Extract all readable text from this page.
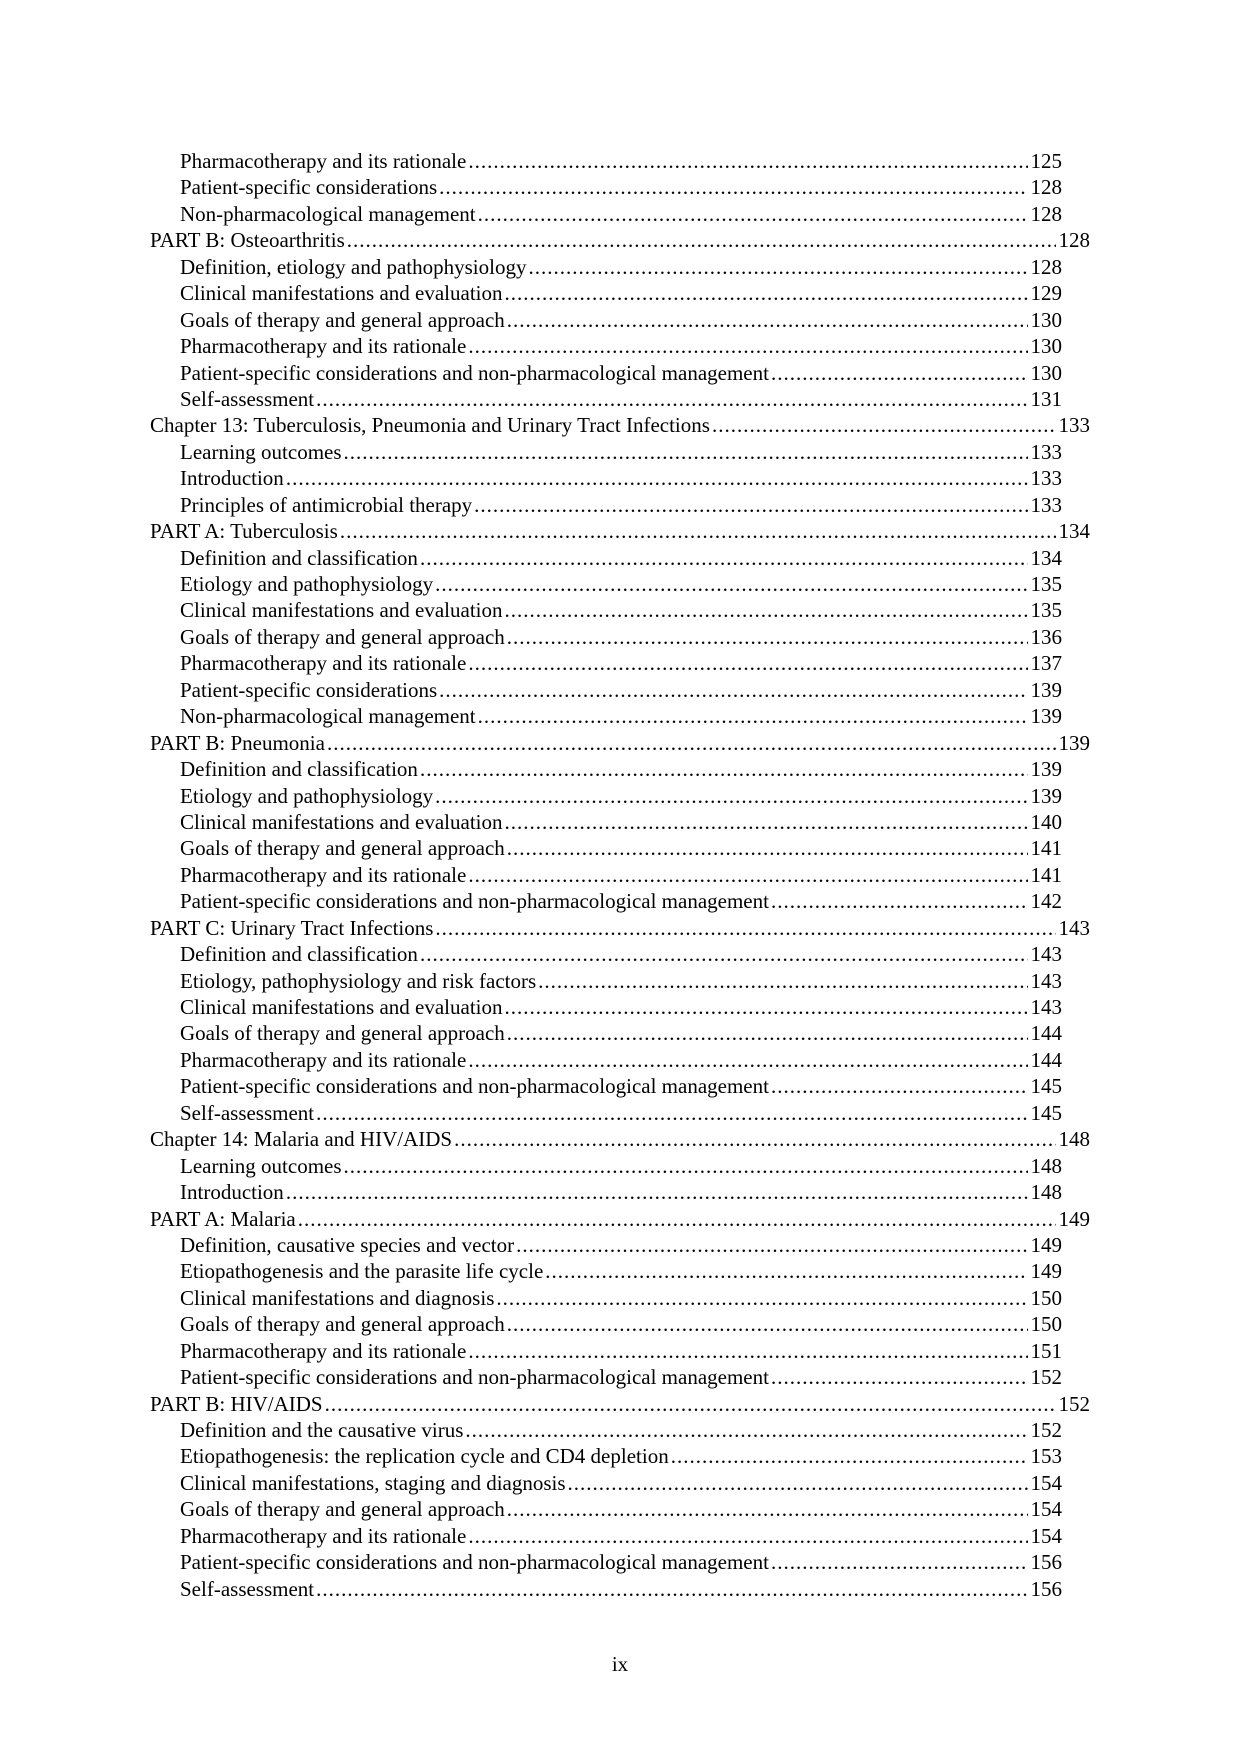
Pharmacotherapy and its rationale .....	125
Patient-specific considerations .....	128
Non-pharmacological management .....	128
PART B: Osteoarthritis .....	128
Definition, etiology and pathophysiology .....	128
Clinical manifestations and evaluation .....	129
Goals of therapy and general approach .....	130
Pharmacotherapy and its rationale .....	130
Patient-specific considerations and non-pharmacological management .....	130
Self-assessment .....	131
Chapter 13: Tuberculosis, Pneumonia and Urinary Tract Infections .....	133
Learning outcomes .....	133
Introduction .....	133
Principles of antimicrobial therapy .....	133
PART A: Tuberculosis .....	134
Definition and classification .....	134
Etiology and pathophysiology .....	135
Clinical manifestations and evaluation .....	135
Goals of therapy and general approach .....	136
Pharmacotherapy and its rationale .....	137
Patient-specific considerations .....	139
Non-pharmacological management .....	139
PART B: Pneumonia .....	139
Definition and classification .....	139
Etiology and pathophysiology .....	139
Clinical manifestations and evaluation .....	140
Goals of therapy and general approach .....	141
Pharmacotherapy and its rationale .....	141
Patient-specific considerations and non-pharmacological management .....	142
PART C: Urinary Tract Infections .....	143
Definition and classification .....	143
Etiology, pathophysiology and risk factors .....	143
Clinical manifestations and evaluation .....	143
Goals of therapy and general approach .....	144
Pharmacotherapy and its rationale .....	144
Patient-specific considerations and non-pharmacological management .....	145
Self-assessment .....	145
Chapter 14: Malaria and HIV/AIDS .....	148
Learning outcomes .....	148
Introduction .....	148
PART A: Malaria .....	149
Definition, causative species and vector .....	149
Etiopathogenesis and the parasite life cycle .....	149
Clinical manifestations and diagnosis .....	150
Goals of therapy and general approach .....	150
Pharmacotherapy and its rationale .....	151
Patient-specific considerations and non-pharmacological management .....	152
PART B: HIV/AIDS .....	152
Definition and the causative virus .....	152
Etiopathogenesis: the replication cycle and CD4 depletion .....	153
Clinical manifestations, staging and diagnosis .....	154
Goals of therapy and general approach .....	154
Pharmacotherapy and its rationale .....	154
Patient-specific considerations and non-pharmacological management .....	156
Self-assessment .....	156
ix
